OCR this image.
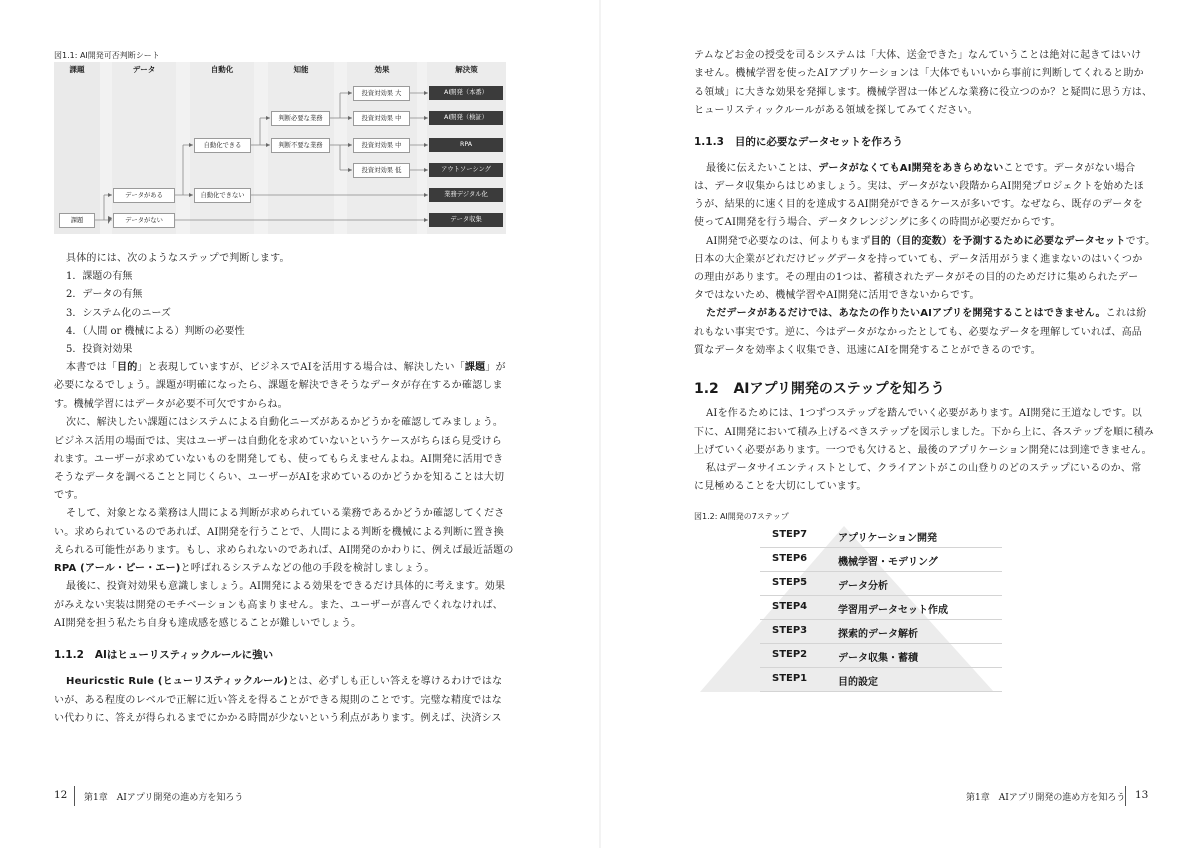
図1.1: AI開発可否判断シート
課題	データ	自動化	知能	効果	解決策
課題
データがある
データがない
自動化できる
自動化できない
判断必要な業務
判断不要な業務
投資対効果 大
投資対効果 中
投資対効果 中
投資対効果 低
AI開発（本番）
AI開発（検証）
RPA
アウトソーシング
業務デジタル化
データ収集

具体的には、次のようなステップで判断します。

1．課題の有無
2．データの有無
3．システム化のニーズ
4．（人間 or 機械による）判断の必要性
5．投資対効果

本書では「目的」と表現していますが、ビジネスでAIを活用する場合は、解決したい「課題」が

必要になるでしょう。課題が明確になったら、課題を解決できそうなデータが存在するか確認しま

す。機械学習にはデータが必要不可欠ですからね。

次に、解決したい課題にはシステムによる自動化ニーズがあるかどうかを確認してみましょう。

ビジネス活用の場面では、実はユーザーは自動化を求めていないというケースがちらほら見受けら

れます。ユーザーが求めていないものを開発しても、使ってもらえませんよね。AI開発に活用でき

そうなデータを調べることと同じくらい、ユーザーがAIを求めているのかどうかを知ることは大切

です。

そして、対象となる業務は人間による判断が求められている業務であるかどうか確認してくださ

い。求められているのであれば、AI開発を行うことで、人間による判断を機械による判断に置き換

えられる可能性があります。もし、求められないのであれば、AI開発のかわりに、例えば最近話題の

RPA (アール・ピー・エー)と呼ばれるシステムなどの他の手段を検討しましょう。

最後に、投資対効果も意識しましょう。AI開発による効果をできるだけ具体的に考えます。効果

がみえない実装は開発のモチベーションも高まりません。また、ユーザーが喜んでくれなければ、

AI開発を担う私たち自身も達成感を感じることが難しいでしょう。

1.1.2 AIはヒューリスティックルールに強い

Heuricstic Rule (ヒューリスティックルール)とは、必ずしも正しい答えを導けるわけではな

いが、ある程度のレベルで正解に近い答えを得ることができる規則のことです。完璧な精度ではな

い代わりに、答えが得られるまでにかかる時間が少ないという利点があります。例えば、決済シス

12 第1章　AIアプリ開発の進め方を知ろう

テムなどお金の授受を司るシステムは「大体、送金できた」なんていうことは絶対に起きてはいけ

ません。機械学習を使ったAIアプリケーションは「大体でもいいから事前に判断してくれると助か

る領域」に大きな効果を発揮します。機械学習は一体どんな業務に役立つのか？と疑問に思う方は、

ヒューリスティックルールがある領域を探してみてください。

1.1.3 目的に必要なデータセットを作ろう

最後に伝えたいことは、データがなくてもAI開発をあきらめないことです。データがない場合

は、データ収集からはじめましょう。実は、データがない段階からAI開発プロジェクトを始めたほ

うが、結果的に速く目的を達成するAI開発ができるケースが多いです。なぜなら、既存のデータを

使ってAI開発を行う場合、データクレンジングに多くの時間が必要だからです。

AI開発で必要なのは、何よりもまず目的（目的変数）を予測するために必要なデータセットです。

日本の大企業がどれだけビッグデータを持っていても、データ活用がうまく進まないのはいくつか

の理由があります。その理由の1つは、蓄積されたデータがその目的のためだけに集められたデー

タではないため、機械学習やAI開発に活用できないからです。

ただデータがあるだけでは、あなたの作りたいAIアプリを開発することはできません。これは紛

れもない事実です。逆に、今はデータがなかったとしても、必要なデータを理解していれば、高品

質なデータを効率よく収集でき、迅速にAIを開発することができるのです。

1.2 AIアプリ開発のステップを知ろう

AIを作るためには、1つずつステップを踏んでいく必要があります。AI開発に王道なしです。以

下に、AI開発において積み上げるべきステップを図示しました。下から上に、各ステップを順に積み

上げていく必要があります。一つでも欠けると、最後のアプリケーション開発には到達できません。

私はデータサイエンティストとして、クライアントがこの山登りのどのステップにいるのか、常

に見極めることを大切にしています。

図1.2: AI開発の7ステップ
STEP7	アプリケーション開発
STEP6	機械学習・モデリング
STEP5	データ分析
STEP4	学習用データセット作成
STEP3	探索的データ解析
STEP2	データ収集・蓄積
STEP1	目的設定
第1章　AIアプリ開発の進め方を知ろう 13
